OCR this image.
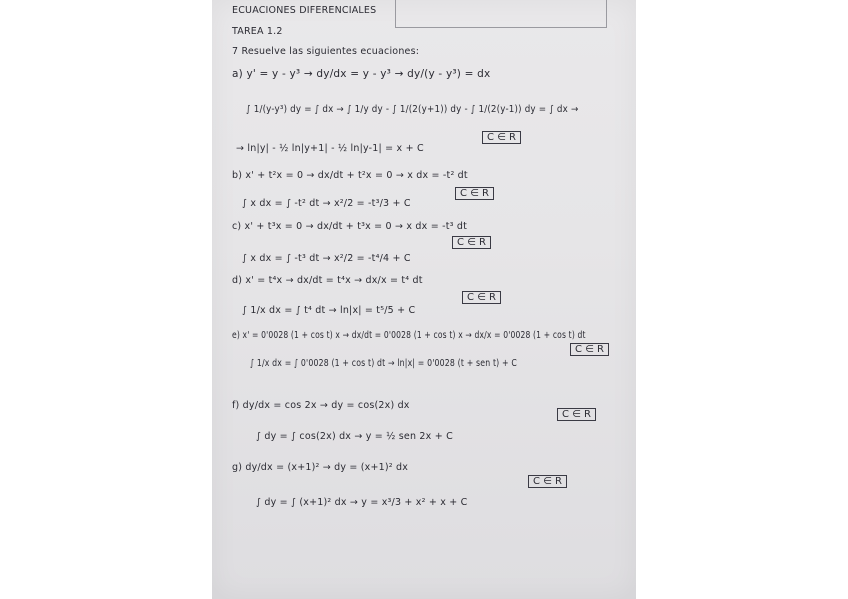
ECUACIONES DIFERENCIALES
TAREA 1.2
7 Resuelve las siguientes ecuaciones:
a) y' = y - y³ → dy/dx = y - y³ → dy/(y - y³) = dx
∫ 1/(y-y³) dy = ∫ dx → ∫ 1/y dy - ∫ 1/(2(y+1)) dy - ∫ 1/(2(y-1)) dy = ∫ dx →
→ ln|y| - ½ ln|y+1| - ½ ln|y-1| = x + C
C ∈ R
b) x' + t²x = 0 → dx/dt + t²x = 0 → x dx = -t² dt
∫ x dx = ∫ -t² dt → x²/2 = -t³/3 + C
C ∈ R
c) x' + t³x = 0 → dx/dt + t³x = 0 → x dx = -t³ dt
∫ x dx = ∫ -t³ dt → x²/2 = -t⁴/4 + C
C ∈ R
d) x' = t⁴x → dx/dt = t⁴x → dx/x = t⁴ dt
∫ 1/x dx = ∫ t⁴ dt → ln|x| = t⁵/5 + C
C ∈ R
e) x' = 0'0028 (1 + cos t) x → dx/dt = 0'0028 (1 + cos t) x → dx/x = 0'0028 (1 + cos t) dt
∫ 1/x dx = ∫ 0'0028 (1 + cos t) dt → ln|x| = 0'0028 (t + sen t) + C
C ∈ R
f) dy/dx = cos 2x → dy = cos(2x) dx
∫ dy = ∫ cos(2x) dx → y = ½ sen 2x + C
C ∈ R
g) dy/dx = (x+1)² → dy = (x+1)² dx
∫ dy = ∫ (x+1)² dx → y = x³/3 + x² + x + C
C ∈ R
